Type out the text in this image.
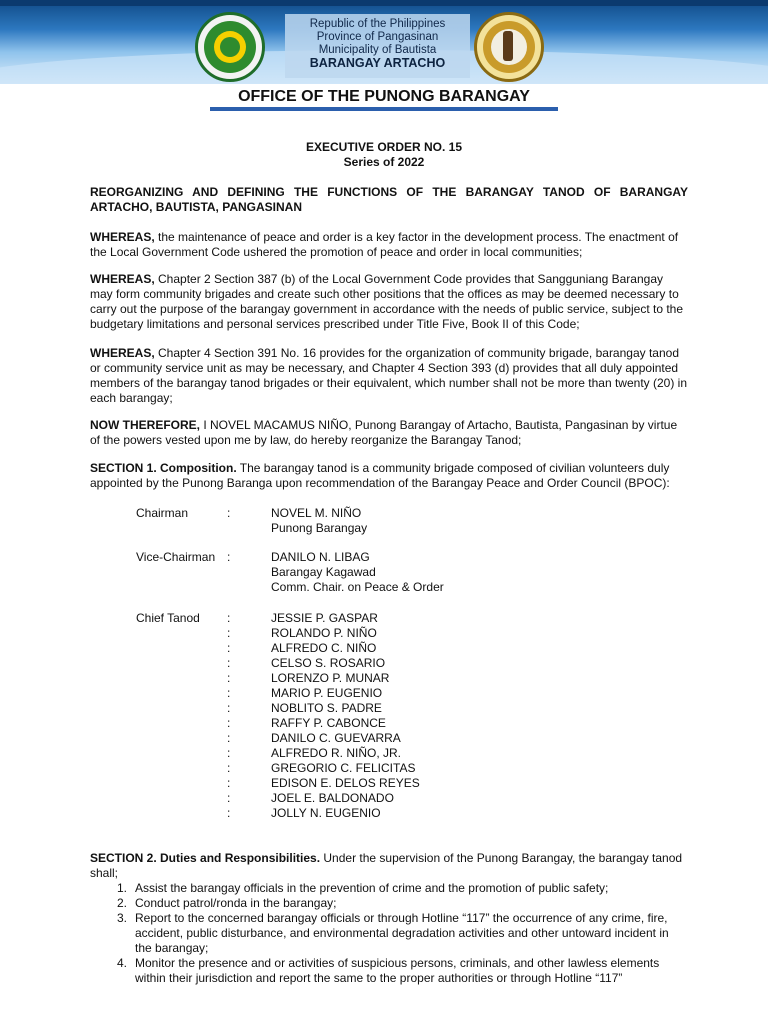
Republic of the Philippines
Province of Pangasinan
Municipality of Bautista
BARANGAY ARTACHO
OFFICE OF THE PUNONG BARANGAY
EXECUTIVE ORDER NO. 15
Series of 2022
REORGANIZING AND DEFINING THE FUNCTIONS OF THE BARANGAY TANOD OF BARANGAY ARTACHO, BAUTISTA, PANGASINAN
WHEREAS, the maintenance of peace and order is a key factor in the development process. The enactment of the Local Government Code ushered the promotion of peace and order in local communities;
WHEREAS, Chapter 2 Section 387 (b) of the Local Government Code provides that Sangguniang Barangay may form community brigades and create such other positions that the offices as may be deemed necessary to carry out the purpose of the barangay government in accordance with the needs of public service, subject to the budgetary limitations and personal services prescribed under Title Five, Book II of this Code;
WHEREAS, Chapter 4 Section 391 No. 16 provides for the organization of community brigade, barangay tanod or community service unit as may be necessary, and Chapter 4 Section 393 (d) provides that all duly appointed members of the barangay tanod brigades or their equivalent, which number shall not be more than twenty (20) in each barangay;
NOW THEREFORE, I NOVEL MACAMUS NIÑO, Punong Barangay of Artacho, Bautista, Pangasinan by virtue of the powers vested upon me by law, do hereby reorganize the Barangay Tanod;
SECTION 1. Composition. The barangay tanod is a community brigade composed of civilian volunteers duly appointed by the Punong Baranga upon recommendation of the Barangay Peace and Order Council (BPOC):
Chairman	:	NOVEL M. NIÑO
Punong Barangay
Vice-Chairman :	DANILO N. LIBAG
Barangay Kagawad
Comm. Chair. on Peace & Order
Chief Tanod :	JESSIE P. GASPAR
:	ROLANDO P. NIÑO
:	ALFREDO C. NIÑO
:	CELSO S. ROSARIO
:	LORENZO P. MUNAR
:	MARIO P. EUGENIO
:	NOBLITO S. PADRE
:	RAFFY P. CABONCE
:	DANILO C. GUEVARRA
:	ALFREDO R. NIÑO, JR.
:	GREGORIO C. FELICITAS
:	EDISON E. DELOS REYES
:	JOEL E. BALDONADO
:	JOLLY N. EUGENIO
SECTION 2. Duties and Responsibilities. Under the supervision of the Punong Barangay, the barangay tanod shall;
1. Assist the barangay officials in the prevention of crime and the promotion of public safety;
2. Conduct patrol/ronda in the barangay;
3. Report to the concerned barangay officials or through Hotline “117” the occurrence of any crime, fire, accident, public disturbance, and environmental degradation activities and other untoward incident in the barangay;
4. Monitor the presence and or activities of suspicious persons, criminals, and other lawless elements within their jurisdiction and report the same to the proper authorities or through Hotline “117”
